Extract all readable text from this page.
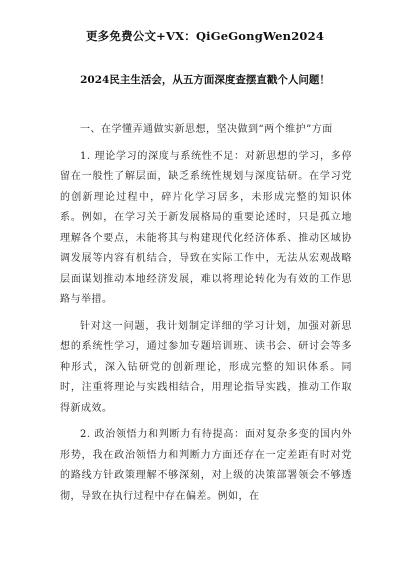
更多免费公文+VX：QiGeGongWen2024
2024民主生活会，从五方面深度查摆直戳个人问题！

一、在学懂弄通做实新思想，坚决做到“两个维护”方面

1. 理论学习的深度与系统性不足：对新思想的学习，多停留在一般性了解层面，缺乏系统性规划与深度钻研。在学习党的创新理论过程中，碎片化学习居多，未形成完整的知识体系。例如，在学习关于新发展格局的重要论述时，只是孤立地理解各个要点，未能将其与构建现代化经济体系、推动区域协调发展等内容有机结合，导致在实际工作中，无法从宏观战略层面谋划推动本地经济发展，难以将理论转化为有效的工作思路与举措。

针对这一问题，我计划制定详细的学习计划，加强对新思想的系统性学习，通过参加专题培训班、读书会、研讨会等多种形式，深入钻研党的创新理论，形成完整的知识体系。同时，注重将理论与实践相结合，用理论指导实践，推动工作取得新成效。

2. 政治领悟力和判断力有待提高：面对复杂多变的国内外形势，我在政治领悟力和判断力方面还存在一定差距有时对党的路线方针政策理解不够深刻，对上级的决策部署领会不够透彻，导致在执行过程中存在偏差。例如，在
